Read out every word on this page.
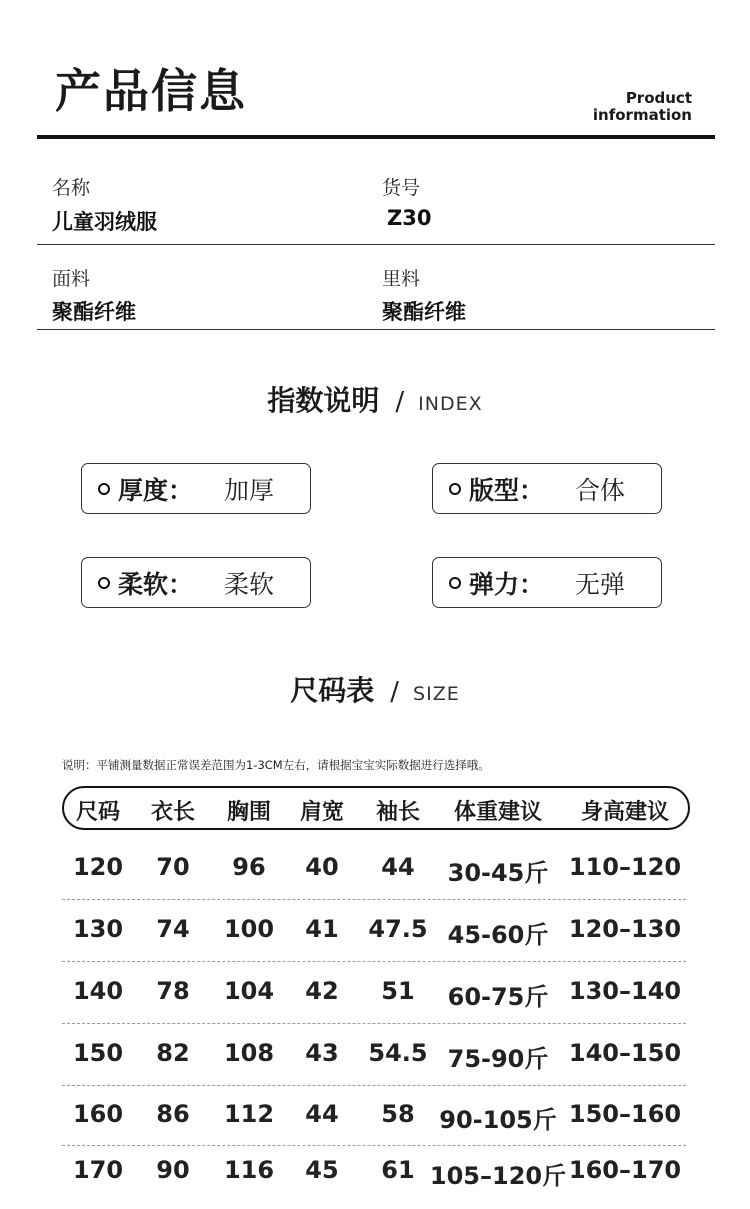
产品信息	Product
information
名称
儿童羽绒服
货号
Z30
面料
聚酯纤维
里料
聚酯纤维
指数说明 / INDEX
厚度：	加厚	版型：	合体
柔软：	柔软	弹力：	无弹
尺码表 / SIZE
说明：平铺测量数据正常误差范围为1-3CM左右，请根据宝宝实际数据进行选择哦。
尺码 衣长 胸围 肩宽 袖长 体重建议 身高建议
120 70 96 40 44 30-45斤 110–120
130 74 100 41 47.5 45-60斤 120–130
140 78 104 42 51 60-75斤 130–140
150 82 108 43 54.5 75-90斤 140–150
160 86 112 44 58 90-105斤 150–160
170 90 116 45 61 105–120斤 160–170
